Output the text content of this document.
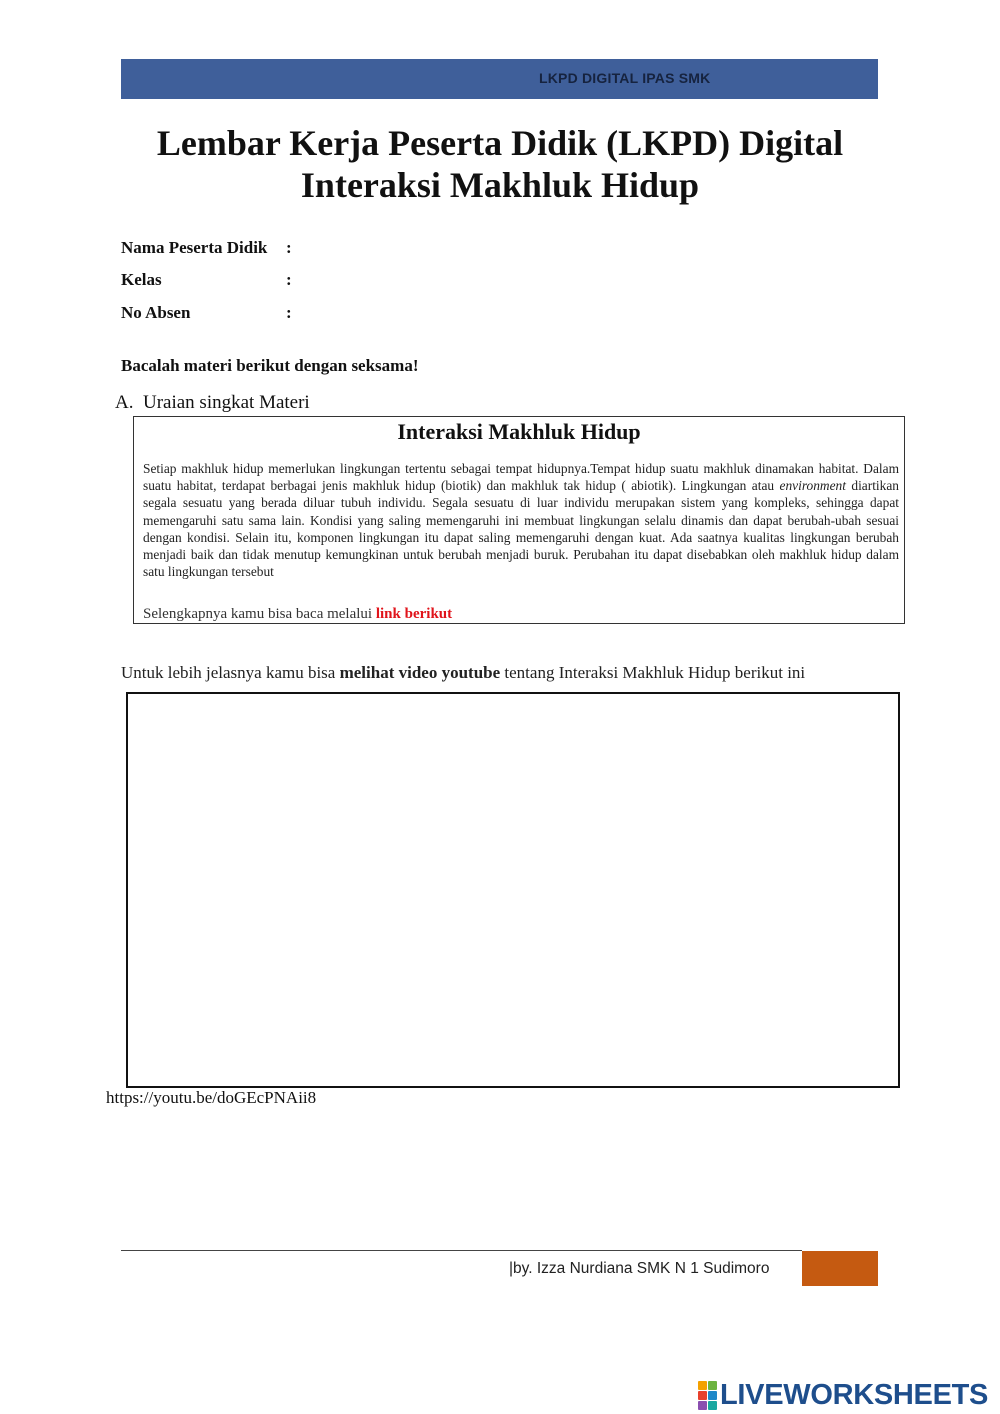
LKPD DIGITAL IPAS SMK
Lembar Kerja Peserta Didik (LKPD) Digital
Interaksi Makhluk Hidup
Nama Peserta Didik :
Kelas	:
No Absen	:
Bacalah materi berikut dengan seksama!
A. Uraian singkat Materi
Interaksi Makhluk Hidup
Setiap makhluk hidup memerlukan lingkungan tertentu sebagai tempat hidupnya.Tempat hidup suatu makhluk dinamakan habitat. Dalam suatu habitat, terdapat berbagai jenis makhluk hidup (biotik) dan makhluk tak hidup ( abiotik). Lingkungan atau environment diartikan segala sesuatu yang berada diluar tubuh individu. Segala sesuatu di luar individu merupakan sistem yang kompleks, sehingga dapat memengaruhi satu sama lain. Kondisi yang saling memengaruhi ini membuat lingkungan selalu dinamis dan dapat berubah-ubah sesuai dengan kondisi. Selain itu, komponen lingkungan itu dapat saling memengaruhi dengan kuat. Ada saatnya kualitas lingkungan berubah menjadi baik dan tidak menutup kemungkinan untuk berubah menjadi buruk. Perubahan itu dapat disebabkan oleh makhluk hidup dalam satu lingkungan tersebut
Selengkapnya kamu bisa baca melalui link berikut
Untuk lebih jelasnya kamu bisa melihat video youtube tentang Interaksi Makhluk Hidup berikut ini
https://youtu.be/doGEcPNAii8
|by. Izza Nurdiana SMK N 1 Sudimoro
LIVEWORKSHEETS
